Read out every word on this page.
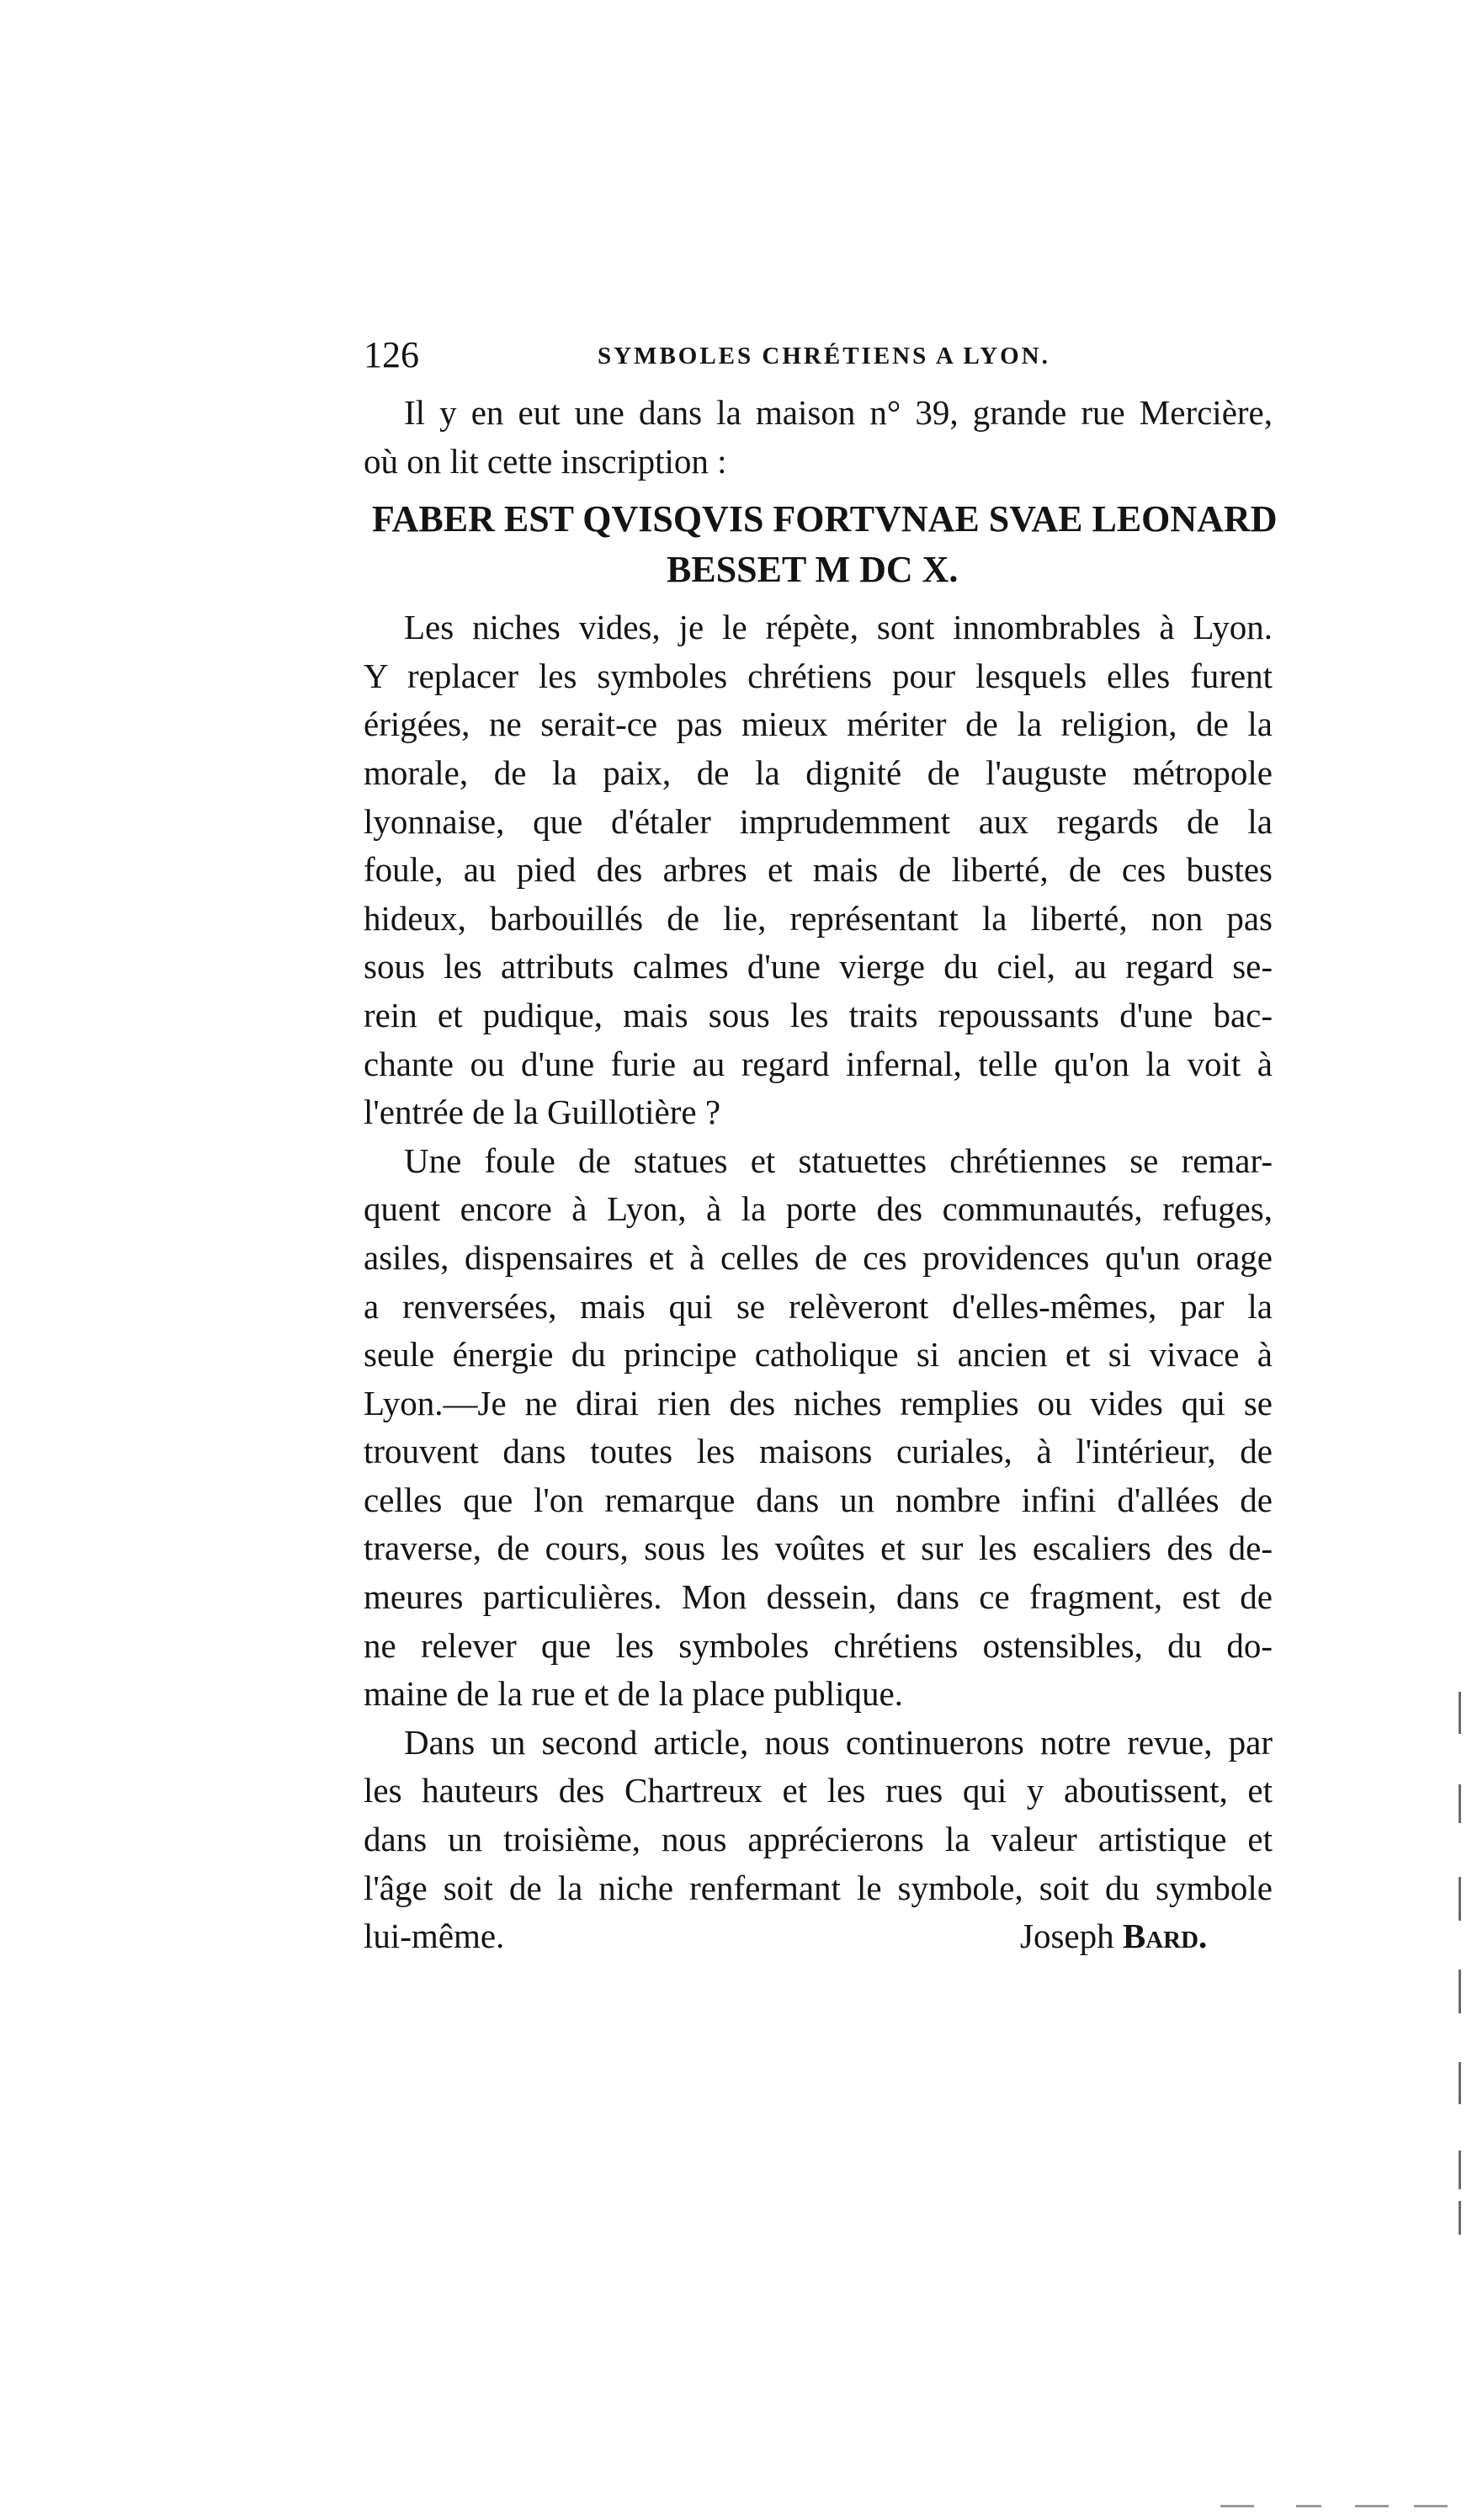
126	SYMBOLES CHRÉTIENS A LYON.
Il y en eut une dans la maison n° 39, grande rue Mercière,
où on lit cette inscription :
FABER EST QVISQVIS FORTVNAE SVAE LEONARD
BESSET M DC X.
Les niches vides, je le répète, sont innombrables à Lyon.
Y replacer les symboles chrétiens pour lesquels elles furent
érigées, ne serait-ce pas mieux mériter de la religion, de la
morale, de la paix, de la dignité de l'auguste métropole
lyonnaise, que d'étaler imprudemment aux regards de la
foule, au pied des arbres et mais de liberté, de ces bustes
hideux, barbouillés de lie, représentant la liberté, non pas
sous les attributs calmes d'une vierge du ciel, au regard se-
rein et pudique, mais sous les traits repoussants d'une bac-
chante ou d'une furie au regard infernal, telle qu'on la voit à
l'entrée de la Guillotière ?
Une foule de statues et statuettes chrétiennes se remar-
quent encore à Lyon, à la porte des communautés, refuges,
asiles, dispensaires et à celles de ces providences qu'un orage
a renversées, mais qui se relèveront d'elles-mêmes, par la
seule énergie du principe catholique si ancien et si vivace à
Lyon.—Je ne dirai rien des niches remplies ou vides qui se
trouvent dans toutes les maisons curiales, à l'intérieur, de
celles que l'on remarque dans un nombre infini d'allées de
traverse, de cours, sous les voûtes et sur les escaliers des de-
meures particulières. Mon dessein, dans ce fragment, est de
ne relever que les symboles chrétiens ostensibles, du do-
maine de la rue et de la place publique.
Dans un second article, nous continuerons notre revue, par
les hauteurs des Chartreux et les rues qui y aboutissent, et
dans un troisième, nous apprécierons la valeur artistique et
l'âge soit de la niche renfermant le symbole, soit du symbole
lui-même.	Joseph Bard.
